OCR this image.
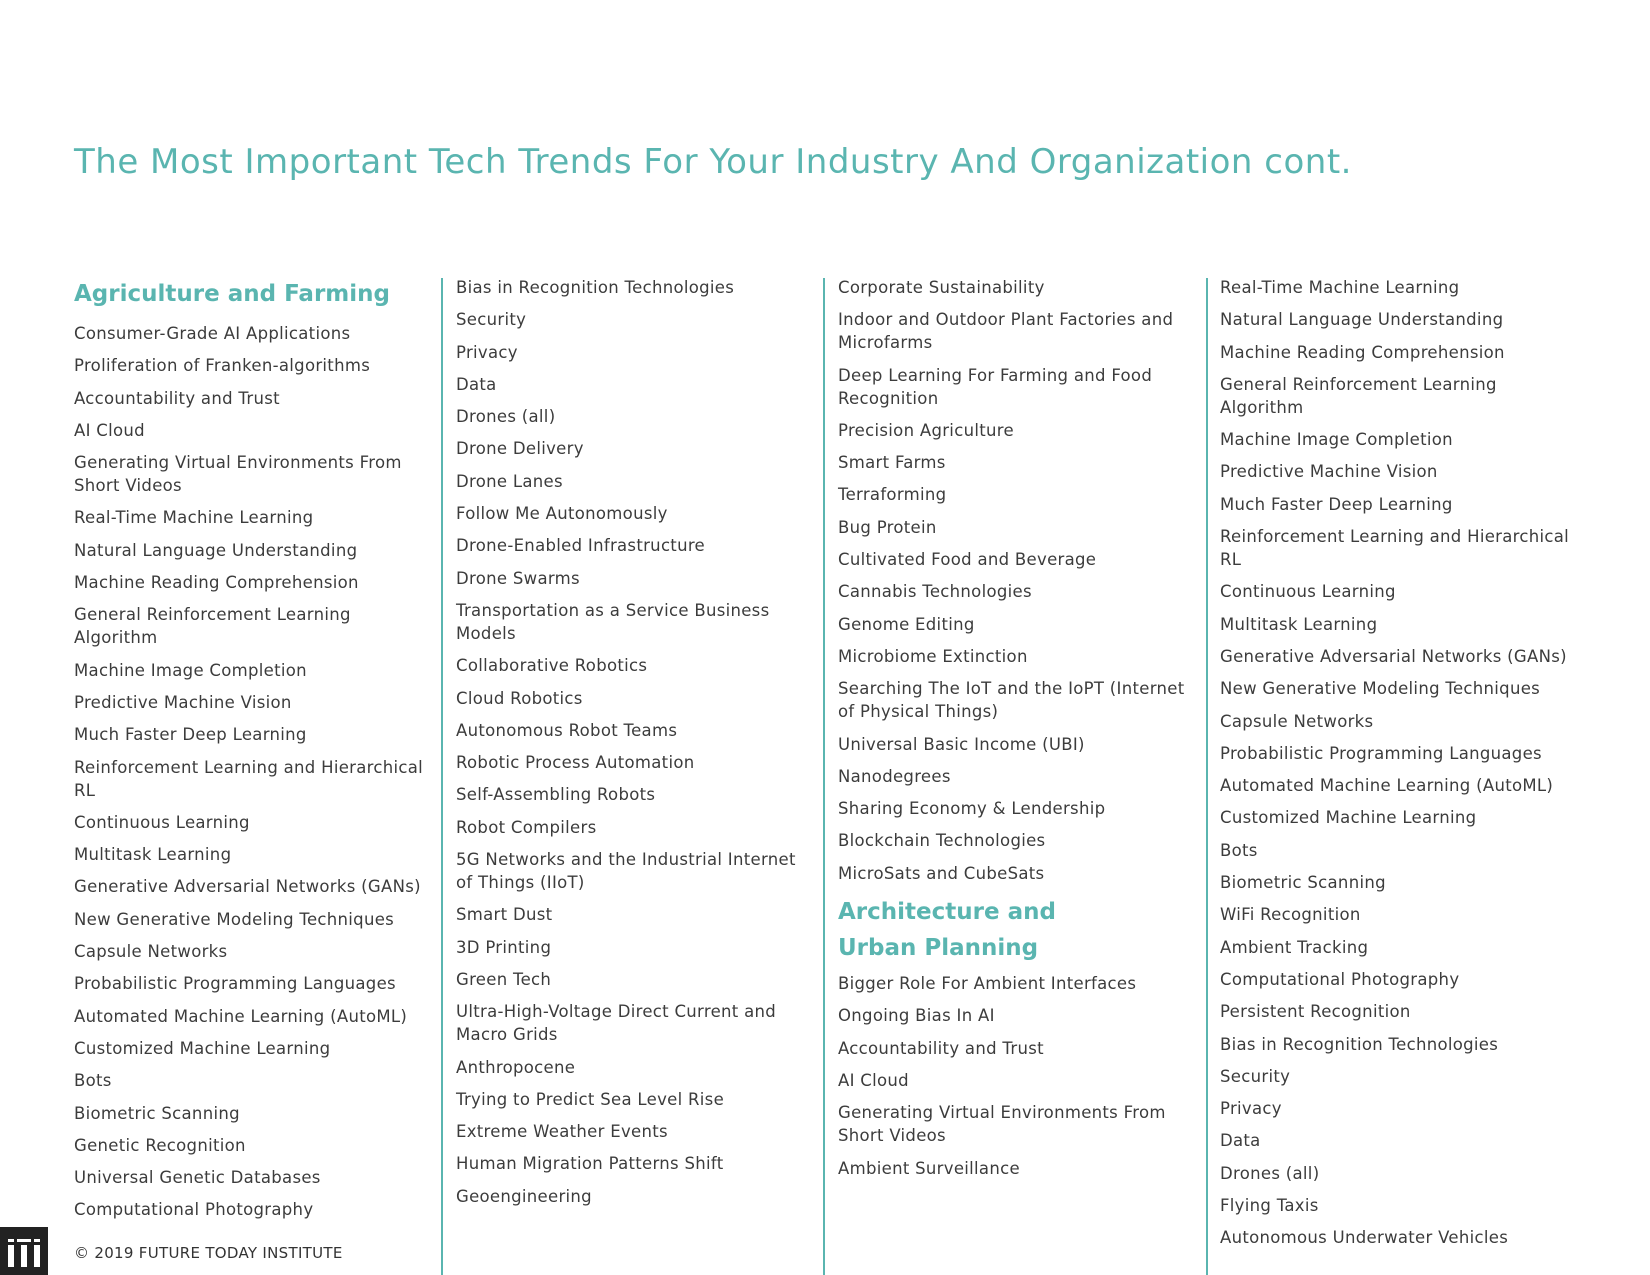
The Most Important Tech Trends For Your Industry And Organization cont.
Agriculture and Farming
Consumer-Grade AI Applications
Proliferation of Franken-algorithms
Accountability and Trust
AI Cloud
Generating Virtual Environments From Short Videos
Real-Time Machine Learning
Natural Language Understanding
Machine Reading Comprehension
General Reinforcement Learning Algorithm
Machine Image Completion
Predictive Machine Vision
Much Faster Deep Learning
Reinforcement Learning and Hierarchical RL
Continuous Learning
Multitask Learning
Generative Adversarial Networks (GANs)
New Generative Modeling Techniques
Capsule Networks
Probabilistic Programming Languages
Automated Machine Learning (AutoML)
Customized Machine Learning
Bots
Biometric Scanning
Genetic Recognition
Universal Genetic Databases
Computational Photography
Bias in Recognition Technologies
Security
Privacy
Data
Drones (all)
Drone Delivery
Drone Lanes
Follow Me Autonomously
Drone-Enabled Infrastructure
Drone Swarms
Transportation as a Service Business Models
Collaborative Robotics
Cloud Robotics
Autonomous Robot Teams
Robotic Process Automation
Self-Assembling Robots
Robot Compilers
5G Networks and the Industrial Internet of Things (IIoT)
Smart Dust
3D Printing
Green Tech
Ultra-High-Voltage Direct Current and Macro Grids
Anthropocene
Trying to Predict Sea Level Rise
Extreme Weather Events
Human Migration Patterns Shift
Geoengineering
Corporate Sustainability
Indoor and Outdoor Plant Factories and Microfarms
Deep Learning For Farming and Food Recognition
Precision Agriculture
Smart Farms
Terraforming
Bug Protein
Cultivated Food and Beverage
Cannabis Technologies
Genome Editing
Microbiome Extinction
Searching The IoT and the IoPT (Internet of Physical Things)
Universal Basic Income (UBI)
Nanodegrees
Sharing Economy & Lendership
Blockchain Technologies
MicroSats and CubeSats
Architecture and
Urban Planning
Bigger Role For Ambient Interfaces
Ongoing Bias In AI
Accountability and Trust
AI Cloud
Generating Virtual Environments From Short Videos
Ambient Surveillance
Real-Time Machine Learning
Natural Language Understanding
Machine Reading Comprehension
General Reinforcement Learning Algorithm
Machine Image Completion
Predictive Machine Vision
Much Faster Deep Learning
Reinforcement Learning and Hierarchical RL
Continuous Learning
Multitask Learning
Generative Adversarial Networks (GANs)
New Generative Modeling Techniques
Capsule Networks
Probabilistic Programming Languages
Automated Machine Learning (AutoML)
Customized Machine Learning
Bots
Biometric Scanning
WiFi Recognition
Ambient Tracking
Computational Photography
Persistent Recognition
Bias in Recognition Technologies
Security
Privacy
Data
Drones (all)
Flying Taxis
Autonomous Underwater Vehicles
© 2019 FUTURE TODAY INSTITUTE
